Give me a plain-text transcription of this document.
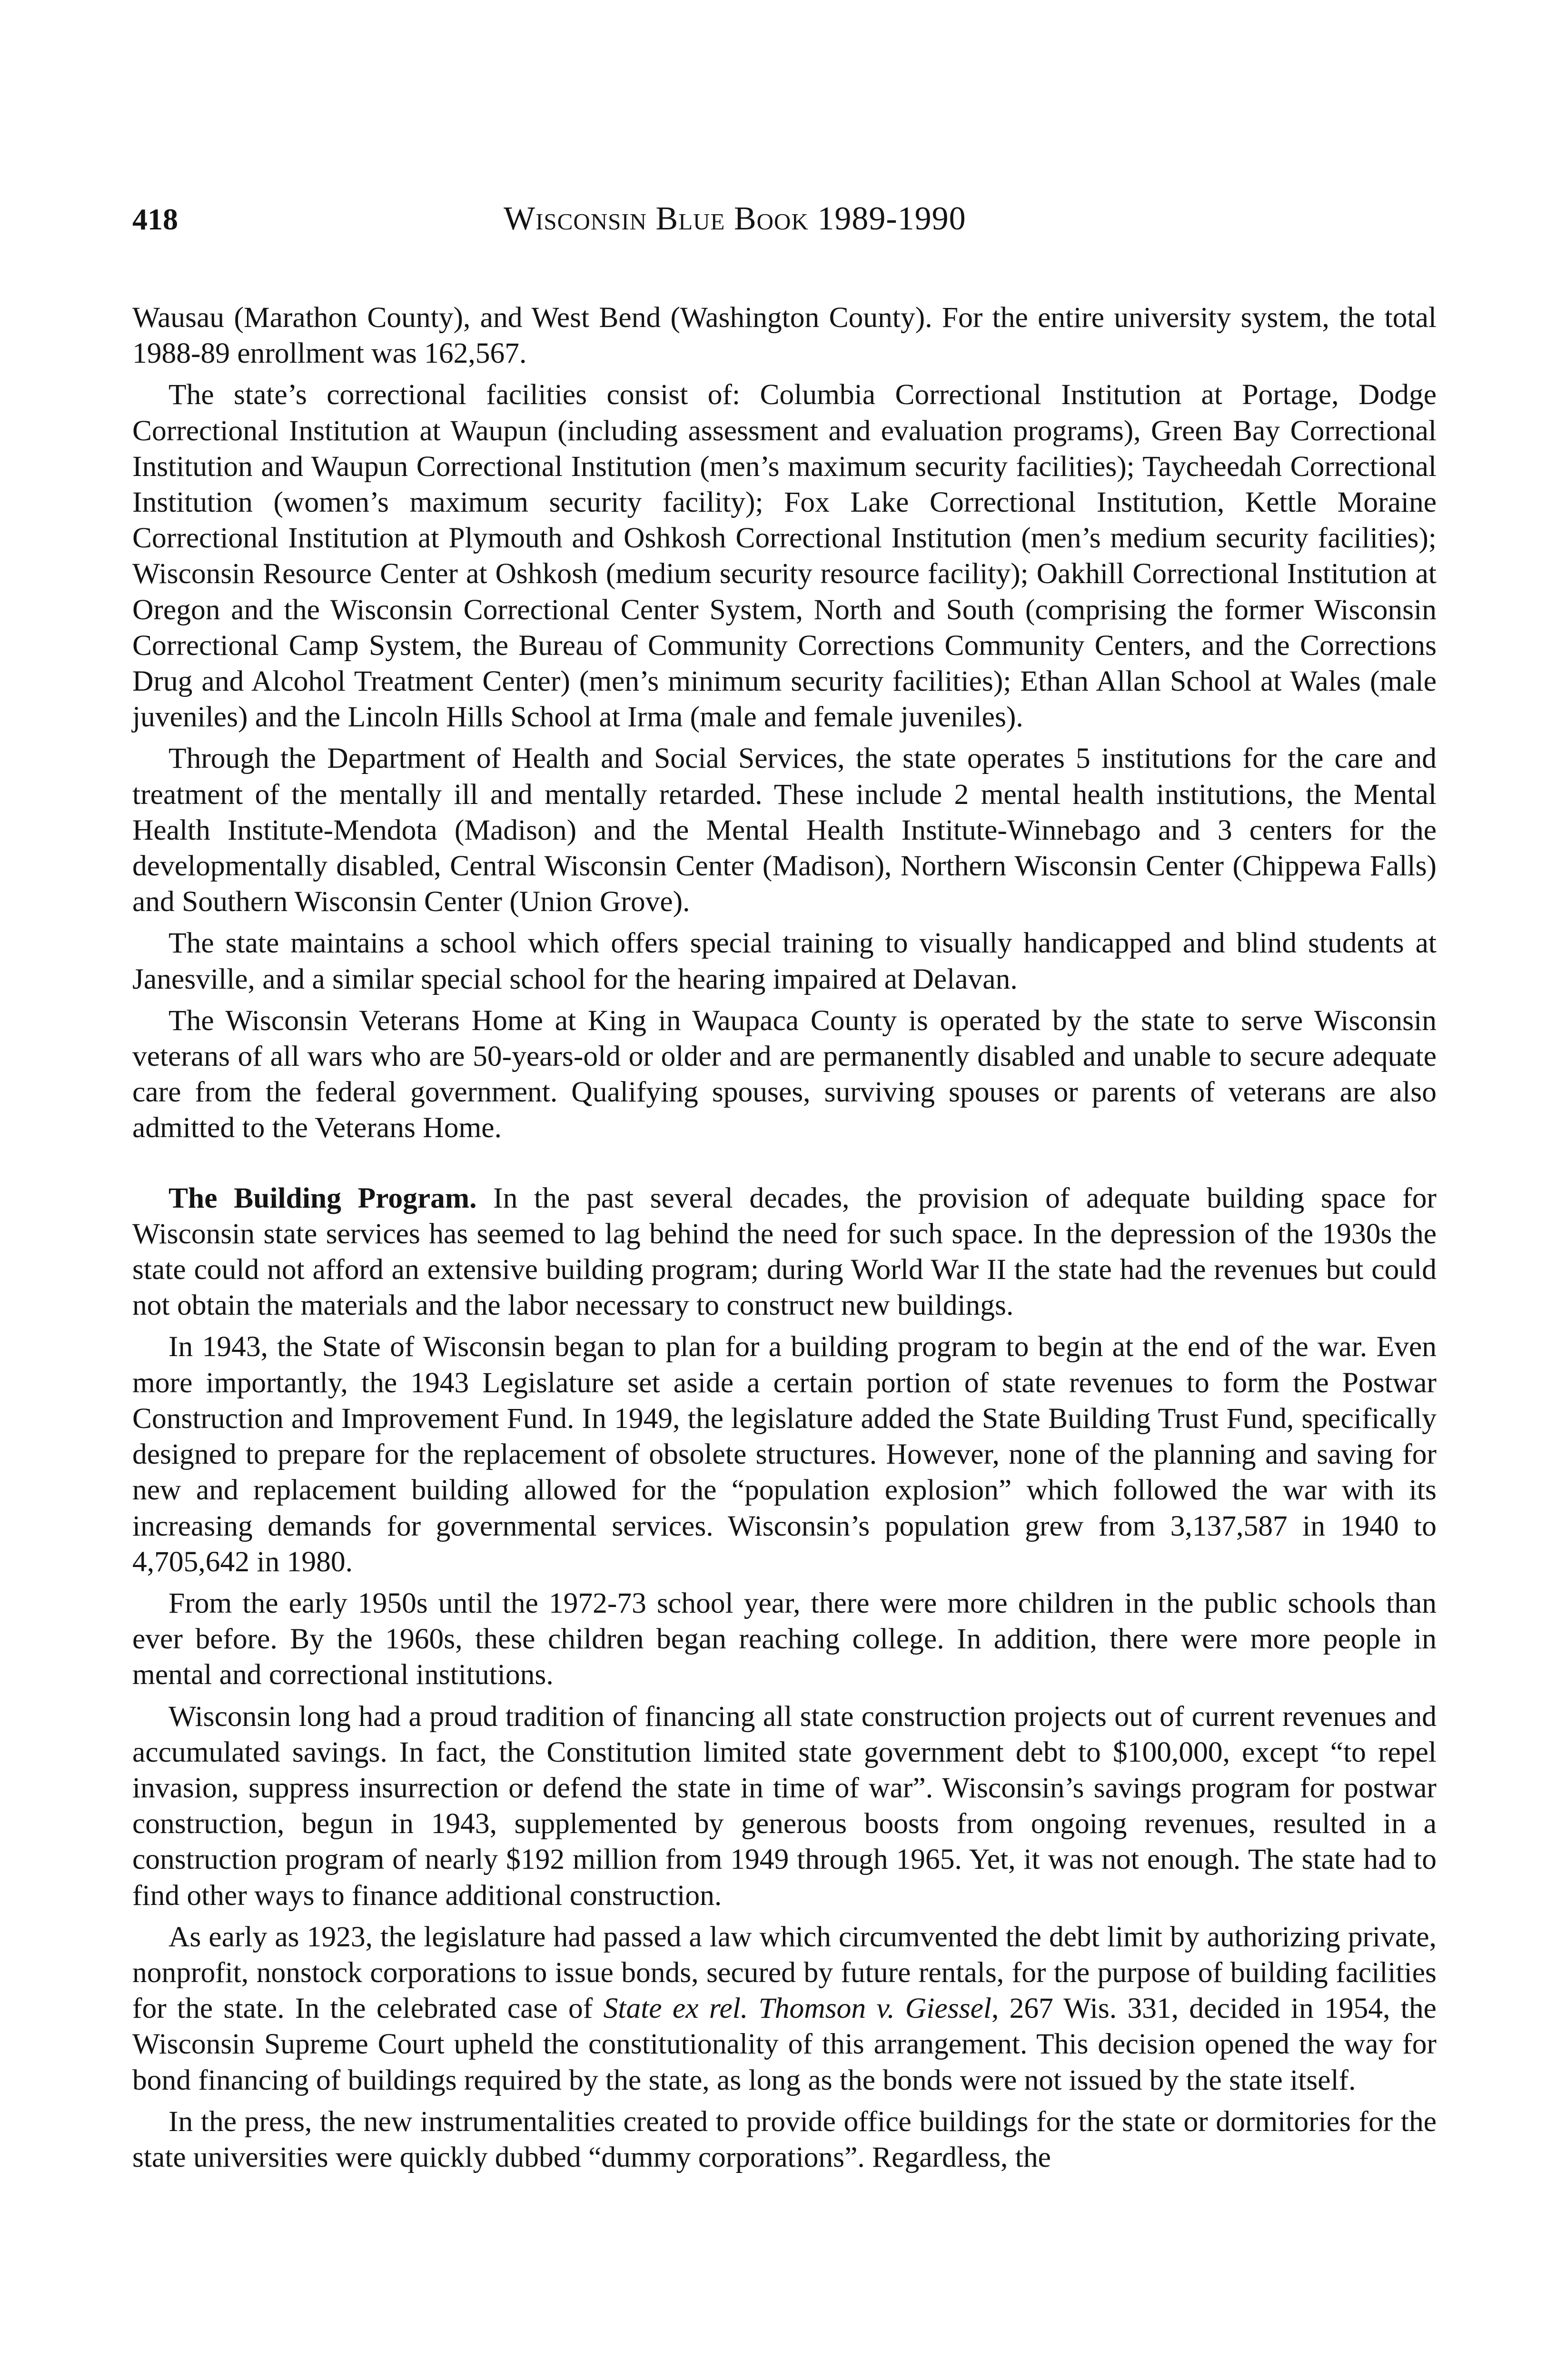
418	Wisconsin Blue Book 1989-1990

Wausau (Marathon County), and West Bend (Washington County). For the entire university system, the total 1988-89 enrollment was 162,567.

The state’s correctional facilities consist of: Columbia Correctional Institution at Portage, Dodge Correctional Institution at Waupun (including assessment and evaluation programs), Green Bay Correctional Institution and Waupun Correctional Institution (men’s maximum security facilities); Taycheedah Correctional Institution (women’s maximum security facility); Fox Lake Correctional Institution, Kettle Moraine Correctional Institution at Plymouth and Oshkosh Correctional Institution (men’s medium security facilities); Wisconsin Resource Center at Oshkosh (medium security resource facility); Oakhill Correctional Institution at Oregon and the Wisconsin Correctional Center System, North and South (comprising the former Wisconsin Correctional Camp System, the Bureau of Community Corrections Community Centers, and the Corrections Drug and Alcohol Treatment Center) (men’s minimum security facilities); Ethan Allan School at Wales (male juveniles) and the Lincoln Hills School at Irma (male and female juveniles).

Through the Department of Health and Social Services, the state operates 5 institutions for the care and treatment of the mentally ill and mentally retarded. These include 2 mental health institutions, the Mental Health Institute-Mendota (Madison) and the Mental Health Institute-Winnebago and 3 centers for the developmentally disabled, Central Wisconsin Center (Madison), Northern Wisconsin Center (Chippewa Falls) and Southern Wisconsin Center (Union Grove).

The state maintains a school which offers special training to visually handicapped and blind students at Janesville, and a similar special school for the hearing impaired at Delavan.

The Wisconsin Veterans Home at King in Waupaca County is operated by the state to serve Wisconsin veterans of all wars who are 50-years-old or older and are permanently disabled and unable to secure adequate care from the federal government. Qualifying spouses, surviving spouses or parents of veterans are also admitted to the Veterans Home.

The Building Program. In the past several decades, the provision of adequate building space for Wisconsin state services has seemed to lag behind the need for such space. In the depression of the 1930s the state could not afford an extensive building program; during World War II the state had the revenues but could not obtain the materials and the labor necessary to construct new buildings.

In 1943, the State of Wisconsin began to plan for a building program to begin at the end of the war. Even more importantly, the 1943 Legislature set aside a certain portion of state revenues to form the Postwar Construction and Improvement Fund. In 1949, the legislature added the State Building Trust Fund, specifically designed to prepare for the replacement of obsolete structures. However, none of the planning and saving for new and replacement building allowed for the “population explosion” which followed the war with its increasing demands for governmental services. Wisconsin’s population grew from 3,137,587 in 1940 to 4,705,642 in 1980.

From the early 1950s until the 1972-73 school year, there were more children in the public schools than ever before. By the 1960s, these children began reaching college. In addition, there were more people in mental and correctional institutions.

Wisconsin long had a proud tradition of financing all state construction projects out of current revenues and accumulated savings. In fact, the Constitution limited state government debt to $100,000, except “to repel invasion, suppress insurrection or defend the state in time of war”. Wisconsin’s savings program for postwar construction, begun in 1943, supplemented by generous boosts from ongoing revenues, resulted in a construction program of nearly $192 million from 1949 through 1965. Yet, it was not enough. The state had to find other ways to finance additional construction.

As early as 1923, the legislature had passed a law which circumvented the debt limit by authorizing private, nonprofit, nonstock corporations to issue bonds, secured by future rentals, for the purpose of building facilities for the state. In the celebrated case of State ex rel. Thomson v. Giessel, 267 Wis. 331, decided in 1954, the Wisconsin Supreme Court upheld the constitutionality of this arrangement. This decision opened the way for bond financing of buildings required by the state, as long as the bonds were not issued by the state itself.

In the press, the new instrumentalities created to provide office buildings for the state or dormitories for the state universities were quickly dubbed “dummy corporations”. Regardless, the
